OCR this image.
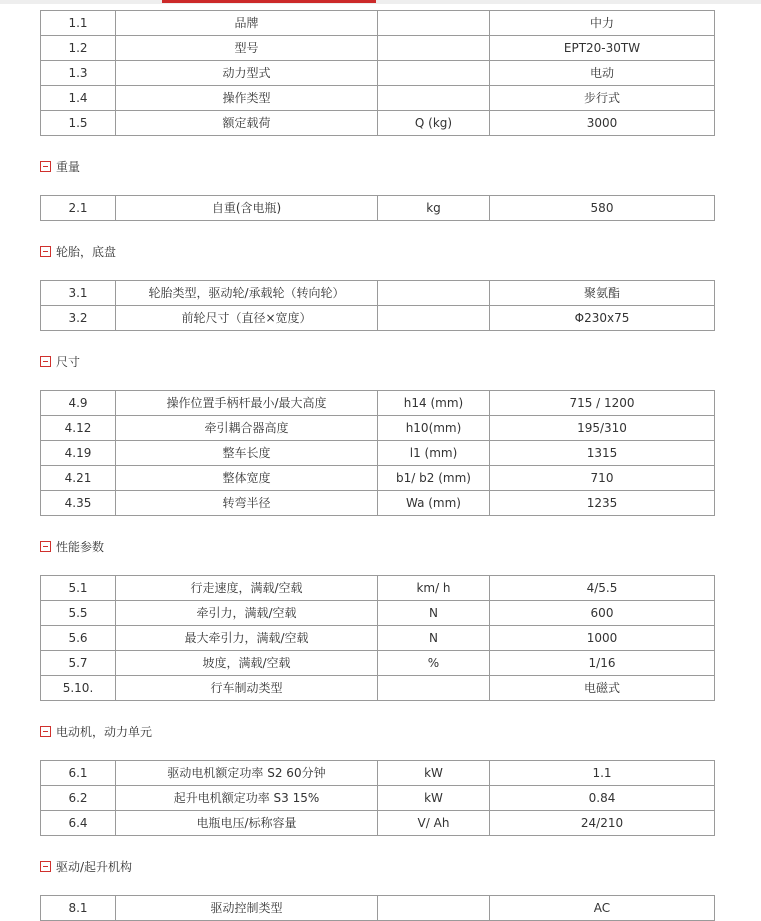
1.1	品牌		中力
1.2	型号		EPT20-30TW
1.3	动力型式		电动
1.4	操作类型		步行式
1.5	额定载荷	Q (kg)	3000
重量
2.1	自重(含电瓶)	kg	580
轮胎，底盘
3.1	轮胎类型，驱动轮/承载轮（转向轮）		聚氨酯
3.2	前轮尺寸（直径×宽度）		Φ230x75
尺寸
4.9	操作位置手柄杆最小/最大高度	h14 (mm)	715 / 1200
4.12	牵引耦合器高度	h10(mm)	195/310
4.19	整车长度	l1 (mm)	1315
4.21	整体宽度	b1/ b2 (mm)	710
4.35	转弯半径	Wa (mm)	1235
性能参数
5.1	行走速度，满载/空载	km/ h	4/5.5
5.5	牵引力，满载/空载	N	600
5.6	最大牵引力，满载/空载	N	1000
5.7	坡度，满载/空载	%	1/16
5.10.	行车制动类型		电磁式
电动机，动力单元
6.1	驱动电机额定功率 S2 60分钟	kW	1.1
6.2	起升电机额定功率 S3 15%	kW	0.84
6.4	电瓶电压/标称容量	V/ Ah	24/210
驱动/起升机构
8.1	驱动控制类型		AC
